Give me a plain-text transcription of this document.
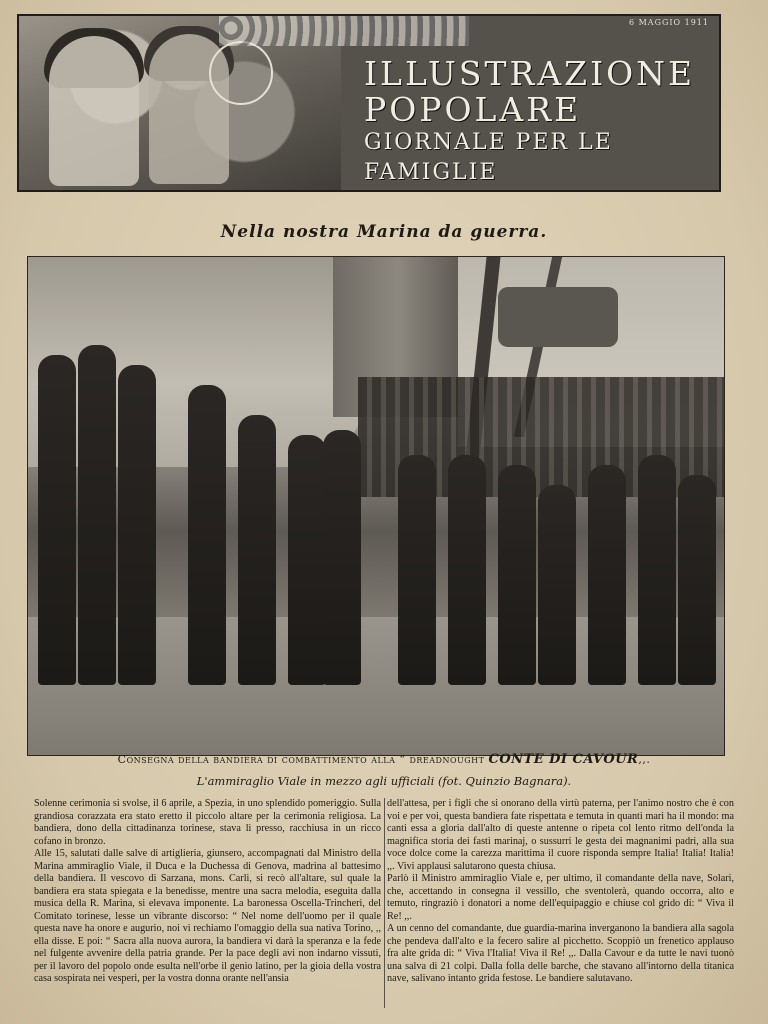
6 MAGGIO 1911
ILLUSTRAZIONE
POPOLARE
GIORNALE PER LE FAMIGLIE
Nella nostra Marina da guerra.
Consegna della bandiera di combattimento alla “ dreadnought CONTE DI CAVOUR,,.
L'ammiraglio Viale in mezzo agli ufficiali (fot. Quinzio Bagnara).
Solenne cerimonia si svolse, il 6 aprile, a Spezia, in uno splendido pomeriggio. Sulla grandiosa corazzata era stato eretto il piccolo altare per la cerimonia religiosa. La bandiera, dono della cittadinanza torinese, stava lì presso, racchiusa in un ricco cofano in bronzo.
Alle 15, salutati dalle salve di artiglieria, giunsero, accompagnati dal Ministro della Marina ammiraglio Viale, il Duca e la Duchessa di Genova, madrina al battesimo della bandiera. Il vescovo di Sarzana, mons. Carli, si recò all'altare, sul quale la bandiera era stata spiegata e la benedisse, mentre una sacra melodia, eseguita dalla musica della R. Marina, si elevava imponente. La baronessa Oscella-Trincheri, del Comitato torinese, lesse un vibrante discorso: “ Nel nome dell'uomo per il quale questa nave ha onore e augurio, noi vi rechiamo l'omaggio della sua nativa Torino, ,, ella disse. E poi: “ Sacra alla nuova aurora, la bandiera vi darà la speranza e la fede nel fulgente avvenire della patria grande. Per la pace degli avi non indarno vissuti, per il lavoro del popolo onde esulta nell'orbe il genio latino, per la gioia della vostra casa sospirata nei vesperi, per la vostra donna orante nell'ansia
dell'attesa, per i figli che si onorano della virtù paterna, per l'animo nostro che è con voi e per voi, questa bandiera fate rispettata e temuta in quanti mari ha il mondo: ma canti essa a gloria dall'alto di queste antenne o ripeta col lento ritmo dell'onda la magnifica storia dei fasti marinaj, o sussurri le gesta dei magnanimi padri, alla sua voce dolce come la carezza marittima il cuore risponda sempre Italia! Italia! Italia! ,,. Vivi applausi salutarono questa chiusa.
Parlò il Ministro ammiraglio Viale e, per ultimo, il comandante della nave, Solari, che, accettando in consegna il vessillo, che sventolerà, quando occorra, alto e temuto, ringraziò i donatori a nome dell'equipaggio e chiuse col grido di: “ Viva il Re! ,,.
A un cenno del comandante, due guardia-marina inverganono la bandiera alla sagola che pendeva dall'alto e la fecero salire al picchetto. Scoppiò un frenetico applauso fra alte grida di: “ Viva l'Italia! Viva il Re! ,,. Dalla Cavour e da tutte le navi tuonò una salva di 21 colpi. Dalla folla delle barche, che stavano all'intorno della titanica nave, salivano intanto grida festose. Le bandiere salutavano.
